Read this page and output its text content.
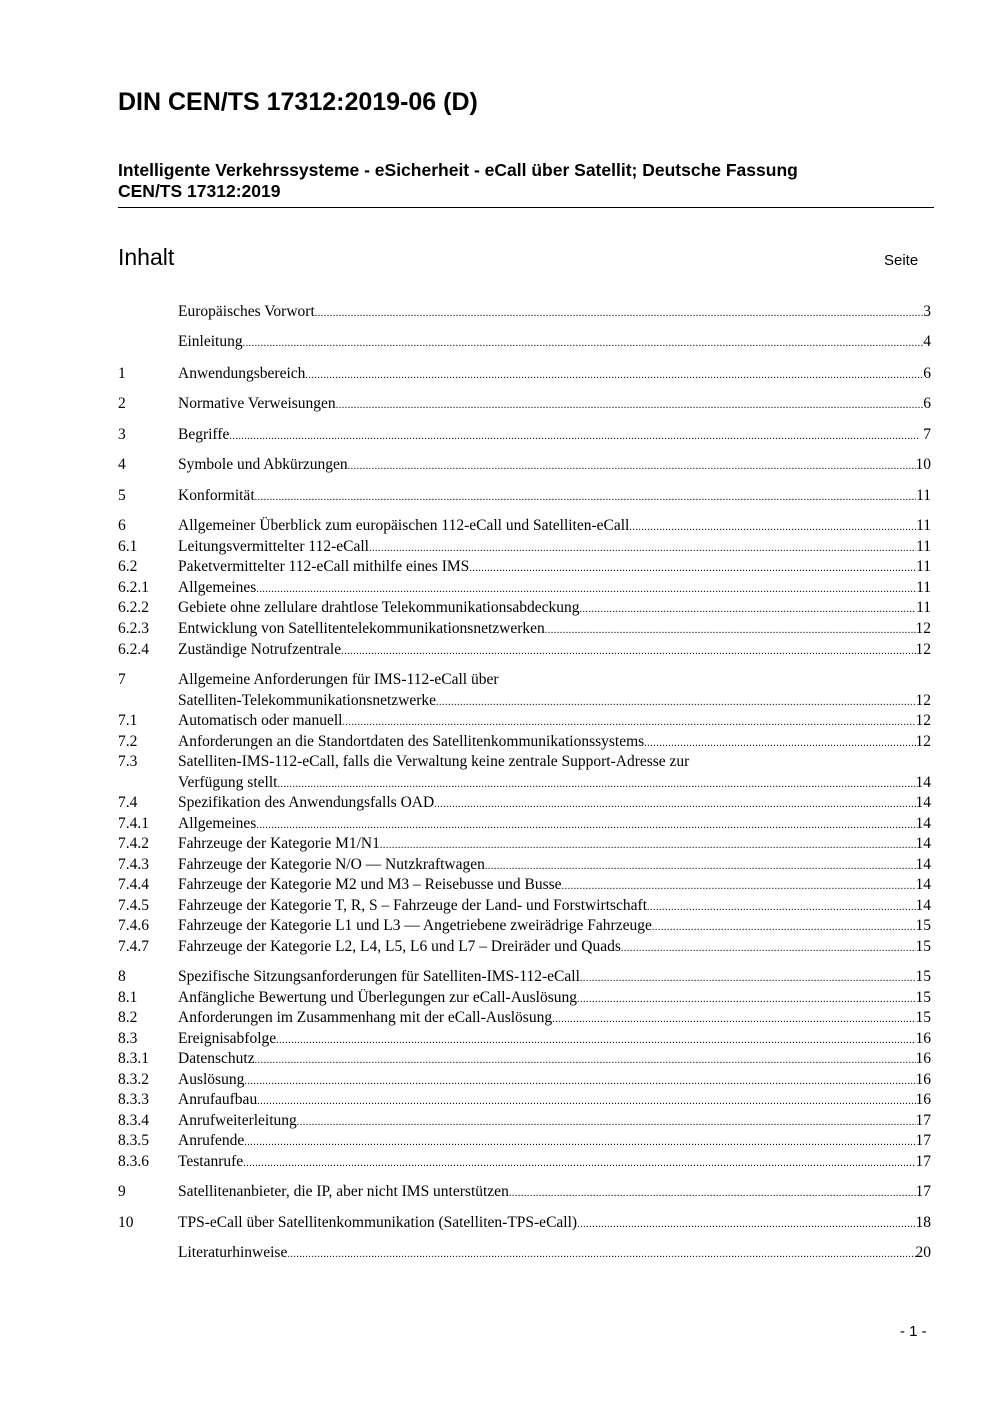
DIN CEN/TS 17312:2019-06 (D)
Intelligente Verkehrssysteme - eSicherheit - eCall über Satellit; Deutsche Fassung
CEN/TS 17312:2019
Inhalt	Seite
Europäisches Vorwort .....	3
Einleitung .....	4
1	Anwendungsbereich .....	6
2	Normative Verweisungen .....	6
3	Begriffe .....	7
4	Symbole und Abkürzungen .....	10
5	Konformität .....	11
6	Allgemeiner Überblick zum europäischen 112-eCall und Satelliten-eCall .....	11
6.1	Leitungsvermittelter 112-eCall .....	11
6.2	Paketvermittelter 112-eCall mithilfe eines IMS .....	11
6.2.1	Allgemeines .....	11
6.2.2	Gebiete ohne zellulare drahtlose Telekommunikationsabdeckung .....	11
6.2.3	Entwicklung von Satellitentelekommunikationsnetzwerken .....	12
6.2.4	Zuständige Notrufzentrale .....	12
7	Allgemeine Anforderungen für IMS-112-eCall über
Satelliten-Telekommunikationsnetzwerke .....	12
7.1	Automatisch oder manuell .....	12
7.2	Anforderungen an die Standortdaten des Satellitenkommunikationssystems .....	12
7.3	Satelliten-IMS-112-eCall, falls die Verwaltung keine zentrale Support-Adresse zur
Verfügung stellt .....	14
7.4	Spezifikation des Anwendungsfalls OAD .....	14
7.4.1	Allgemeines .....	14
7.4.2	Fahrzeuge der Kategorie M1/N1 .....	14
7.4.3	Fahrzeuge der Kategorie N/O — Nutzkraftwagen .....	14
7.4.4	Fahrzeuge der Kategorie M2 und M3 – Reisebusse und Busse .....	14
7.4.5	Fahrzeuge der Kategorie T, R, S – Fahrzeuge der Land- und Forstwirtschaft .....	14
7.4.6	Fahrzeuge der Kategorie L1 und L3 — Angetriebene zweirädrige Fahrzeuge .....	15
7.4.7	Fahrzeuge der Kategorie L2, L4, L5, L6 und L7 – Dreiräder und Quads .....	15
8	Spezifische Sitzungsanforderungen für Satelliten-IMS-112-eCall .....	15
8.1	Anfängliche Bewertung und Überlegungen zur eCall-Auslösung .....	15
8.2	Anforderungen im Zusammenhang mit der eCall-Auslösung .....	15
8.3	Ereignisabfolge .....	16
8.3.1	Datenschutz .....	16
8.3.2	Auslösung .....	16
8.3.3	Anrufaufbau .....	16
8.3.4	Anrufweiterleitung .....	17
8.3.5	Anrufende .....	17
8.3.6	Testanrufe .....	17
9	Satellitenanbieter, die IP, aber nicht IMS unterstützen .....	17
10	TPS-eCall über Satellitenkommunikation (Satelliten-TPS-eCall) .....	18
Literaturhinweise .....	20
- 1 -
